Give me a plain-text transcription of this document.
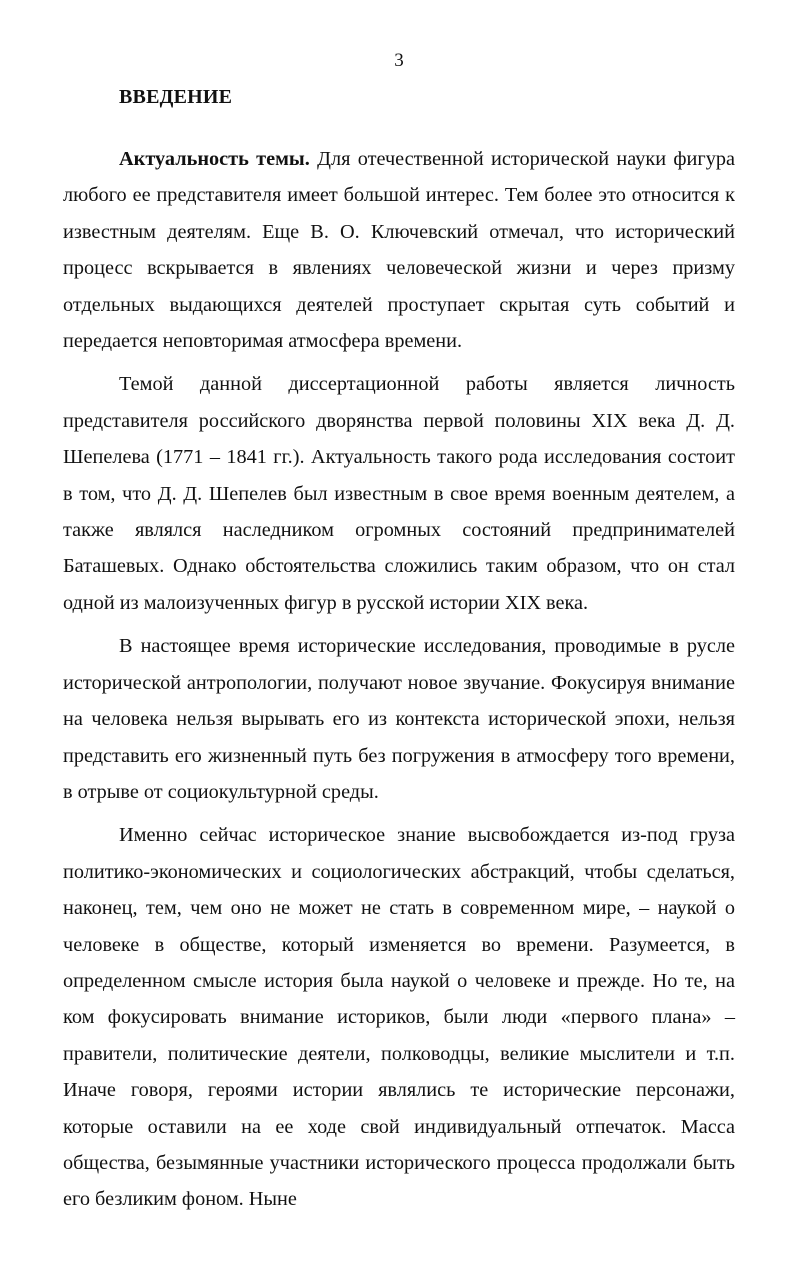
3
ВВЕДЕНИЕ

Актуальность темы. Для отечественной исторической науки фигура любого ее представителя имеет большой интерес. Тем более это относится к известным деятелям. Еще В. О. Ключевский отмечал, что исторический процесс вскрывается в явлениях человеческой жизни и через призму отдельных выдающихся деятелей проступает скрытая суть событий и передается неповторимая атмосфера времени.

Темой данной диссертационной работы является личность представителя российского дворянства первой половины XIX века Д. Д. Шепелева (1771 – 1841 гг.). Актуальность такого рода исследования состоит в том, что Д. Д. Шепелев был известным в свое время военным деятелем, а также являлся наследником огромных состояний предпринимателей Баташевых. Однако обстоятельства сложились таким образом, что он стал одной из малоизученных фигур в русской истории XIX века.

В настоящее время исторические исследования, проводимые в русле исторической антропологии, получают новое звучание. Фокусируя внимание на человека нельзя вырывать его из контекста исторической эпохи, нельзя представить его жизненный путь без погружения в атмосферу того времени, в отрыве от социокультурной среды.

Именно сейчас историческое знание высвобождается из-под груза политико-экономических и социологических абстракций, чтобы сделаться, наконец, тем, чем оно не может не стать в современном мире, – наукой о человеке в обществе, который изменяется во времени. Разумеется, в определенном смысле история была наукой о человеке и прежде. Но те, на ком фокусировать внимание историков, были люди «первого плана» – правители, политические деятели, полководцы, великие мыслители и т.п. Иначе говоря, героями истории являлись те исторические персонажи, которые оставили на ее ходе свой индивидуальный отпечаток. Масса общества, безымянные участники исторического процесса продолжали быть его безликим фоном. Ныне
